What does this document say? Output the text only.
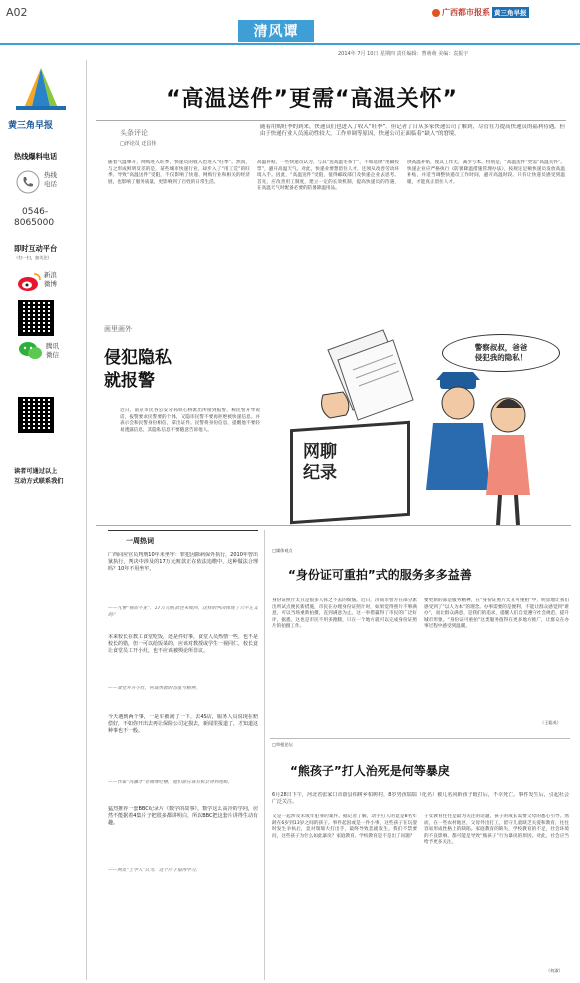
A02
清风谭
广西都市报系 黄三角早报
2014年 7月 10日 星期四 责任编辑：曹萌萌 美编：袁振宇
黄三角早报
热线爆料电话
热线
电话
0546-
8065000
即时互动平台
（扫一扫，加关注）
新浪
微博
腾讯
微信
读者可通过以上
互动方式联系我们
“高温送件”更需“高温关怀”
头条评论
□评论员 迁昌佳
随着用购旺季的到来，快递员们也进入了收入“旺季”。但记者了日从多家快递公司了解到，尽管在力提高快递员的福利待遇，但由于快递行业人员流动性较大，工作单调等原因，快递公司正面临着“缺人”的窘境。
随着气温攀升，网购进入旺季，快递员的收入也进入“旺季”。然而，与之形成鲜明反差的是，某些城市快递行业，却步入了“用工荒”的旺季。导致“高温送件”受阻，不仅影响了快递、网购行业和相关的经济链，也影响了服务质量，更影响到了百姓的日常生活。
高温补贴，一些快递员认为，与其“送高温冬茶于”，不如选择“用脚投票”，避开高温天气。对此，快递业要想留住人才，还须从改善劳动环境入手。因此，“高温送件”受阻，值得邮政部门及快递企业去思考。首先，应改善用工制度，建立一定的长效机制，提高快递员的待遇，在高温天气时配备必要的防暑降温用品。
供高温补贴，使其工作无，减少亏本。特别是，“高温送件”更需“高温关怀”。快递企业应严格执行《防暑降温措施管理办法》，按规定足额快递员发放高温补贴，并适当调整快递员工作时间，避开高温时段。只有让快递员感受到温暖，才能真正留住人才。
画里画外
侵犯隐私
就报警
近日，南京市民谷公安分局铁心桥派出所接到报警，称民警开导说话，报警要求民警要的个体，又隐讳民警不要再拒绝被快递信息。并表示会和民警身份相信，拿出证件。民警将身份信息，提醒他不要轻易透露信息，其隐私信息不要随意告诉他人。
网聊
纪录
警察叔叔，爸爸
侵犯我的隐私！
一周热词
广西回应官员判刑10年未坐牢：罪犯因除病保外执行，2010年曾出狱执行，判决中涉及的17万元赃款正在依法追缴中，这种做法合理吗？10年不用坐牢。
——凡警“视而不见”，17万元赃款也未收回，这样的判决体现了公平正义吗？
本来校长在教工食堂吃饭，还是件好事，食堂人员热情一些，也不是校长的错，但一可以给饭菜的，应该对教授或学生一视同仁，校长竟让食堂员工开小灶，也不应该被舆论所非议。
——食堂并开小灶，何谈用教的态度与精神。
今天遇到两个事，一是车被刮了一下，去4S店，服务人员说现在赔偿好，不如你开出去再让保险公司定损去，新闻里报道了，才知道这种事也不一般。
——作家“冯骥才”在微博吐槽，他们都应该有机会得到理赔。
猛烈推荐一套BBC纪录片《数学的故事》。数学这么高冷的学问，居然不能据着4集片子把很多都讲明白，所以BBC把这套片讲得生动有趣。
——网友“上学人”认为，这个片子值得学习。
□媒体观点
“身份证可重拍”式的服务多多益善
身份证照片太丑是很多人挥之不去的烦恼。近日，济南市警方在部分派出所试点便民新措施，市民在办理身份证照片时，如果觉得照片不够满意，可以当场重新拍摄，直到满意为止。这一举措赢得了市民的广泛好评，据悉，这也是市民不用多跑腿，只在一个地方就可以完成身份证照片的拍摄工作。
要更新的部是服务精神，在“身份证照片太丑可重拍”中，明显地让我们感受到了“以人为本”的理念。办事需要的是便利，不能让群众感觉到“难办”，而让群众满意，是我们的追求，提醒人们自觉遵守社会规范，提升城市形象。“身份证可重拍”这类服务值得在更多地方推广，让群众在办事过程中感受到温暖。
（王聪英）
□草根论坛
“熊孩子”打人治死是何等暴戾
6月28日下午，河北省张家口市蔚县柏树乡柏树村，8岁男孩瑞瑞（化名）被几名同龄孩子殴打后，不幸死亡。事件发生后，引起社会广泛关注。
又是一起涉及未成年犯罪的案件。据记者了解，动手打人的竟是8名年龄在6岁到13岁之间的孩子。事件起因或是一件小事，这些孩子在玩耍时发生争执后，竟对瑞瑞大打出手，最终导致悲剧发生。我们不禁要问，这些孩子为什么如此暴戾？家庭教育、学校教育是不是出了问题？
子女教育往往是最为关注的话题，孩子的成长需要父母的悉心引导。然而，在一些农村地区，父母外出打工，留守儿童缺乏关爱和教育，往往容易形成性格上的缺陷。家庭教育的缺失，学校教育的不足，社会环境的不良影响，都可能是导致“熊孩子”行为暴戾的原因。对此，社会应当给予更多关注。
（何淑）
